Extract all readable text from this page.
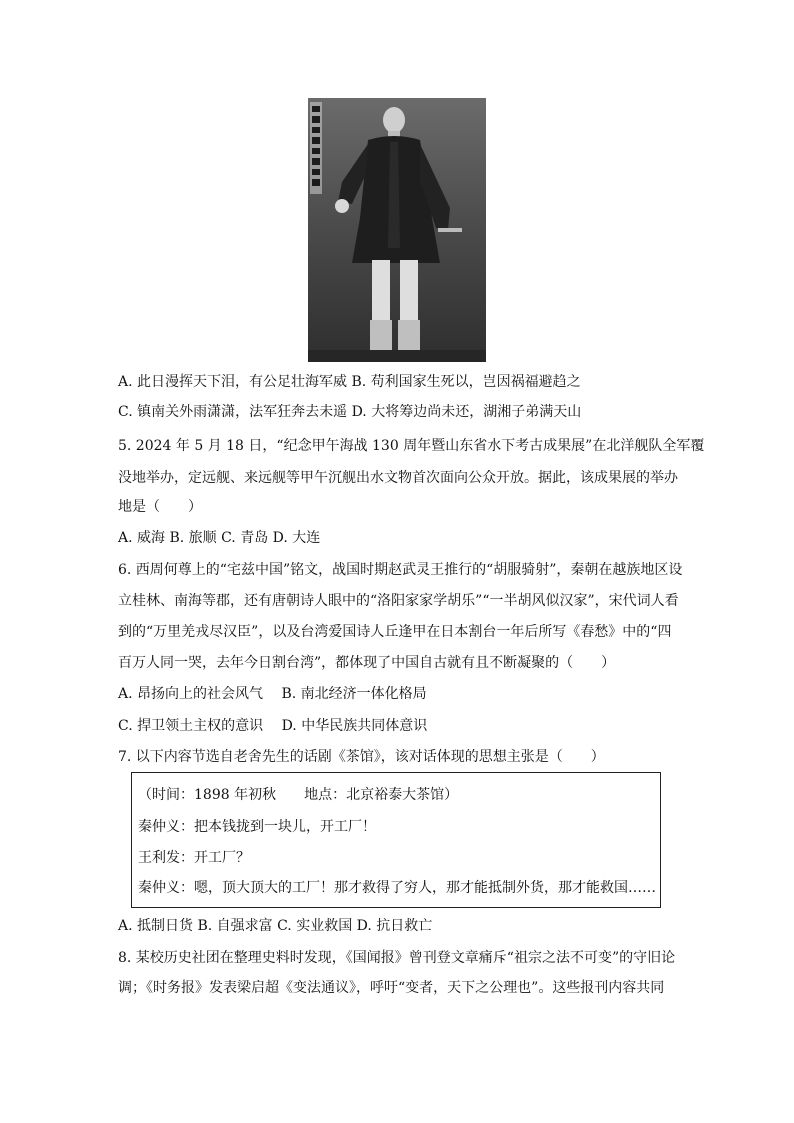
A. 此日漫挥天下泪，有公足壮海军威 B. 苟利国家生死以，岂因祸福避趋之
C. 镇南关外雨潇潇，法军狂奔去未遥 D. 大将筹边尚未还，湖湘子弟满天山
5. 2024 年 5 月 18 日，“纪念甲午海战 130 周年暨山东省水下考古成果展”在北洋舰队全军覆
没地举办，定远舰、来远舰等甲午沉舰出水文物首次面向公众开放。据此，该成果展的举办
地是（　　）
A. 威海 B. 旅顺 C. 青岛 D. 大连
6. 西周何尊上的“宅兹中国”铭文，战国时期赵武灵王推行的“胡服骑射”，秦朝在越族地区设
立桂林、南海等郡，还有唐朝诗人眼中的“洛阳家家学胡乐”“一半胡风似汉家”，宋代词人看
到的“万里羌戎尽汉臣”，以及台湾爱国诗人丘逢甲在日本割台一年后所写《春愁》中的“四
百万人同一哭，去年今日割台湾”，都体现了中国自古就有且不断凝聚的（　　）
A. 昂扬向上的社会风气　 B. 南北经济一体化格局
C. 捍卫领土主权的意识　 D. 中华民族共同体意识
7. 以下内容节选自老舍先生的话剧《茶馆》，该对话体现的思想主张是（　　）
（时间：1898 年初秋　　地点：北京裕泰大茶馆）
秦仲义：把本钱拢到一块儿，开工厂！
王利发：开工厂？
秦仲义：嗯，顶大顶大的工厂！那才救得了穷人，那才能抵制外货，那才能救国……
A. 抵制日货 B. 自强求富 C. 实业救国 D. 抗日救亡
8. 某校历史社团在整理史料时发现，《国闻报》曾刊登文章痛斥“祖宗之法不可变”的守旧论
调；《时务报》发表梁启超《变法通议》，呼吁“变者，天下之公理也”。这些报刊内容共同
